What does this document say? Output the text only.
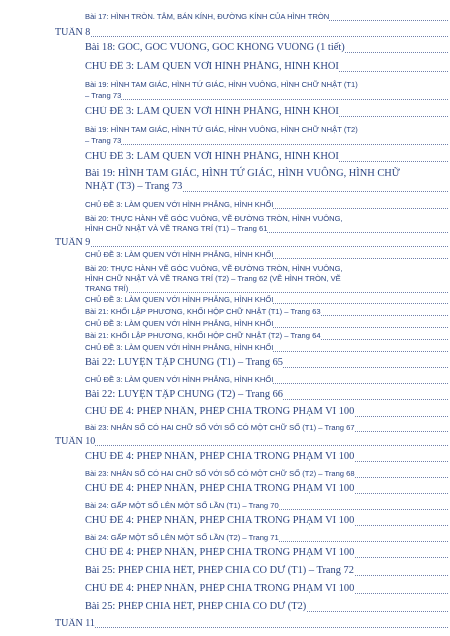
Bài 17: HÌNH TRÒN. TÂM, BÁN KÍNH, ĐƯỜNG KÍNH CỦA HÌNH TRÒN
TUẦN 8
Bài 18: GÓC, GÓC VUÔNG, GÓC KHÔNG VUÔNG (1 tiết)
CHỦ ĐỀ 3: LÀM QUEN VỚI HÌNH PHẲNG, HÌNH KHỐI
Bài 19: HÌNH TAM GIÁC, HÌNH TỨ GIÁC, HÌNH VUÔNG, HÌNH CHỮ NHẬT (T1)
– Trang 73
CHỦ ĐỀ 3: LÀM QUEN VỚI HÌNH PHẲNG, HÌNH KHỐI
Bài 19: HÌNH TAM GIÁC, HÌNH TỨ GIÁC, HÌNH VUÔNG, HÌNH CHỮ NHẬT (T2)
– Trang 73
CHỦ ĐỀ 3: LÀM QUEN VỚI HÌNH PHẲNG, HÌNH KHỐI
Bài 19: HÌNH TAM GIÁC, HÌNH TỨ GIÁC, HÌNH VUÔNG, HÌNH CHỮ
NHẬT (T3) – Trang 73
CHỦ ĐỀ 3: LÀM QUEN VỚI HÌNH PHẲNG, HÌNH KHỐI
Bài 20: THỰC HÀNH VẼ GÓC VUÔNG, VẼ ĐƯỜNG TRÒN, HÌNH VUÔNG,
HÌNH CHỮ NHẬT VÀ VẼ TRANG TRÍ (T1) – Trang 61
TUẦN 9
CHỦ ĐỀ 3: LÀM QUEN VỚI HÌNH PHẲNG, HÌNH KHỐI
Bài 20: THỰC HÀNH VẼ GÓC VUÔNG, VẼ ĐƯỜNG TRÒN, HÌNH VUÔNG,
HÌNH CHỮ NHẬT VÀ VẼ TRANG TRÍ (T2) – Trang 62 (VẼ HÌNH TRÒN, VẼ
TRANG TRÍ)
CHỦ ĐỀ 3: LÀM QUEN VỚI HÌNH PHẲNG, HÌNH KHỐI
Bài 21: KHỐI LẬP PHƯƠNG, KHỐI HỘP CHỮ NHẬT (T1) – Trang 63
CHỦ ĐỀ 3: LÀM QUEN VỚI HÌNH PHẲNG, HÌNH KHỐI
Bài 21: KHỐI LẬP PHƯƠNG, KHỐI HỘP CHỮ NHẬT (T2) – Trang 64
CHỦ ĐỀ 3: LÀM QUEN VỚI HÌNH PHẲNG, HÌNH KHỐI
Bài 22: LUYỆN TẬP CHUNG (T1) – Trang 65
CHỦ ĐỀ 3: LÀM QUEN VỚI HÌNH PHẲNG, HÌNH KHỐI
Bài 22: LUYỆN TẬP CHUNG (T2) – Trang 66
CHỦ ĐỀ 4: PHÉP NHÂN, PHÉP CHIA TRONG PHẠM VI 100
Bài 23: NHÂN SỐ CÓ HAI CHỮ SỐ VỚI SỐ CÓ MỘT CHỮ SỐ (T1) – Trang 67
TUẦN 10
CHỦ ĐỀ 4: PHÉP NHÂN, PHÉP CHIA TRONG PHẠM VI 100
Bài 23: NHÂN SỐ CÓ HAI CHỮ SỐ VỚI SỐ CÓ MỘT CHỮ SỐ (T2) – Trang 68
CHỦ ĐỀ 4: PHÉP NHÂN, PHÉP CHIA TRONG PHẠM VI 100
Bài 24: GẤP MỘT SỐ LÊN MỘT SỐ LẦN (T1) – Trang 70
CHỦ ĐỀ 4: PHÉP NHÂN, PHÉP CHIA TRONG PHẠM VI 100
Bài 24: GẤP MỘT SỐ LÊN MỘT SỐ LẦN (T2) – Trang 71
CHỦ ĐỀ 4: PHÉP NHÂN, PHÉP CHIA TRONG PHẠM VI 100
Bài 25: PHÉP CHIA HẾT, PHÉP CHIA CÓ DƯ (T1) – Trang 72
CHỦ ĐỀ 4: PHÉP NHÂN, PHÉP CHIA TRONG PHẠM VI 100
Bài 25: PHÉP CHIA HẾT, PHÉP CHIA CÓ DƯ (T2)
TUẦN 11
